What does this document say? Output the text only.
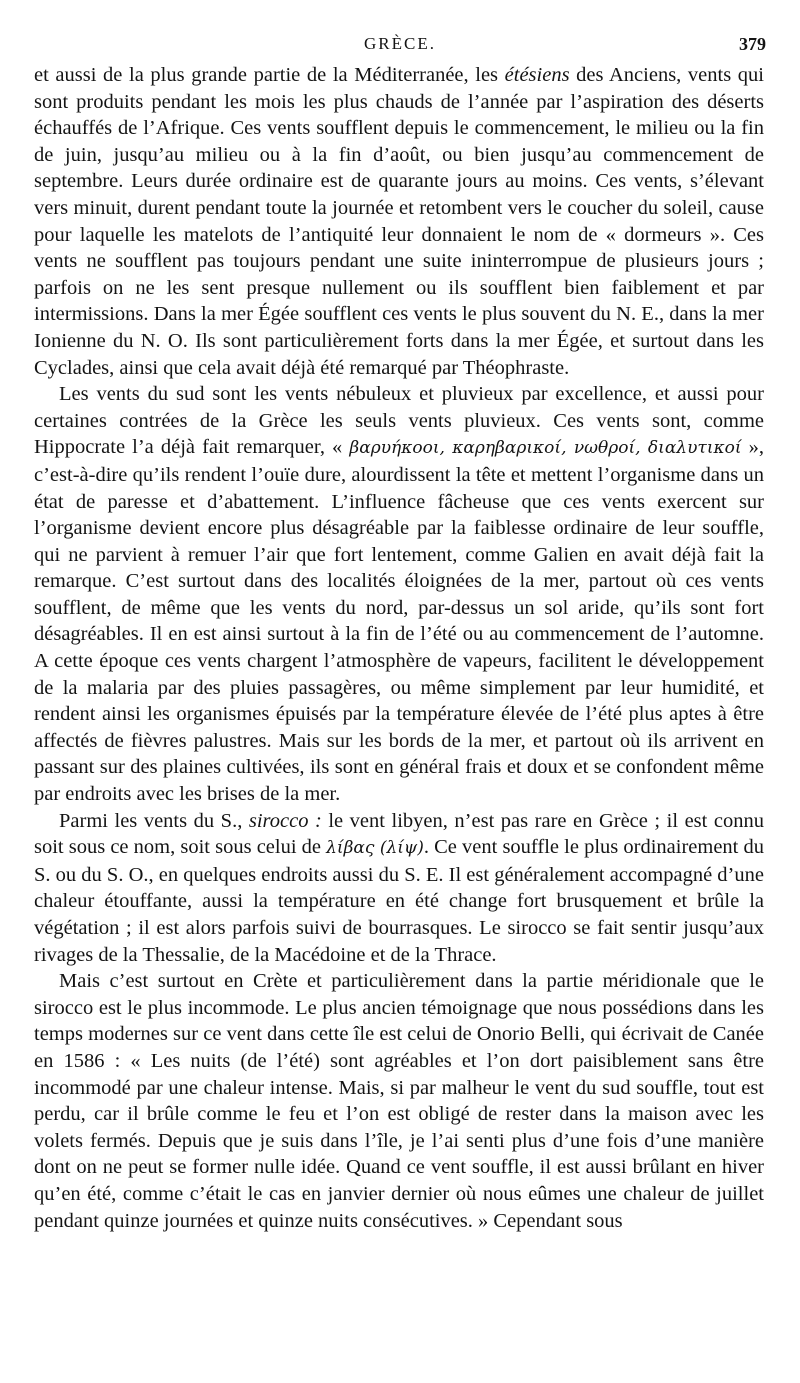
GRÈCE.	379

et aussi de la plus grande partie de la Méditerranée, les étésiens des Anciens, vents qui sont produits pendant les mois les plus chauds de l’année par l’aspiration des déserts échauffés de l’Afrique. Ces vents soufflent depuis le commencement, le milieu ou la fin de juin, jusqu’au milieu ou à la fin d’août, ou bien jusqu’au commencement de septembre. Leurs durée ordinaire est de quarante jours au moins. Ces vents, s’élevant vers minuit, durent pendant toute la journée et retombent vers le coucher du soleil, cause pour laquelle les matelots de l’antiquité leur donnaient le nom de « dormeurs ». Ces vents ne soufflent pas toujours pendant une suite ininterrompue de plusieurs jours ; parfois on ne les sent presque nullement ou ils soufflent bien faiblement et par intermissions. Dans la mer Égée soufflent ces vents le plus souvent du N. E., dans la mer Ionienne du N. O. Ils sont particulièrement forts dans la mer Égée, et surtout dans les Cyclades, ainsi que cela avait déjà été remarqué par Théophraste.

Les vents du sud sont les vents nébuleux et pluvieux par excellence, et aussi pour certaines contrées de la Grèce les seuls vents pluvieux. Ces vents sont, comme Hippocrate l’a déjà fait remarquer, « βαρυήκοοι, καρηβαρικοί, νωθροί, διαλυτικοί », c’est-à-dire qu’ils rendent l’ouïe dure, alourdissent la tête et mettent l’organisme dans un état de paresse et d’abattement. L’influence fâcheuse que ces vents exercent sur l’organisme devient encore plus désagréable par la faiblesse ordinaire de leur souffle, qui ne parvient à remuer l’air que fort lentement, comme Galien en avait déjà fait la remarque. C’est surtout dans des localités éloignées de la mer, partout où ces vents soufflent, de même que les vents du nord, par-dessus un sol aride, qu’ils sont fort désagréables. Il en est ainsi surtout à la fin de l’été ou au commencement de l’automne. A cette époque ces vents chargent l’atmosphère de vapeurs, facilitent le développement de la malaria par des pluies passagères, ou même simplement par leur humidité, et rendent ainsi les organismes épuisés par la température élevée de l’été plus aptes à être affectés de fièvres palustres. Mais sur les bords de la mer, et partout où ils arrivent en passant sur des plaines cultivées, ils sont en général frais et doux et se confondent même par endroits avec les brises de la mer.

Parmi les vents du S., sirocco : le vent libyen, n’est pas rare en Grèce ; il est connu soit sous ce nom, soit sous celui de λίβας (λίψ). Ce vent souffle le plus ordinairement du S. ou du S. O., en quelques endroits aussi du S. E. Il est généralement accompagné d’une chaleur étouffante, aussi la température en été change fort brusquement et brûle la végétation ; il est alors parfois suivi de bourrasques. Le sirocco se fait sentir jusqu’aux rivages de la Thessalie, de la Macédoine et de la Thrace.

Mais c’est surtout en Crète et particulièrement dans la partie méridionale que le sirocco est le plus incommode. Le plus ancien témoignage que nous possédions dans les temps modernes sur ce vent dans cette île est celui de Onorio Belli, qui écrivait de Canée en 1586 : « Les nuits (de l’été) sont agréables et l’on dort paisiblement sans être incommodé par une chaleur intense. Mais, si par malheur le vent du sud souffle, tout est perdu, car il brûle comme le feu et l’on est obligé de rester dans la maison avec les volets fermés. Depuis que je suis dans l’île, je l’ai senti plus d’une fois d’une manière dont on ne peut se former nulle idée. Quand ce vent souffle, il est aussi brûlant en hiver qu’en été, comme c’était le cas en janvier dernier où nous eûmes une chaleur de juillet pendant quinze journées et quinze nuits consécutives. » Cependant sous
